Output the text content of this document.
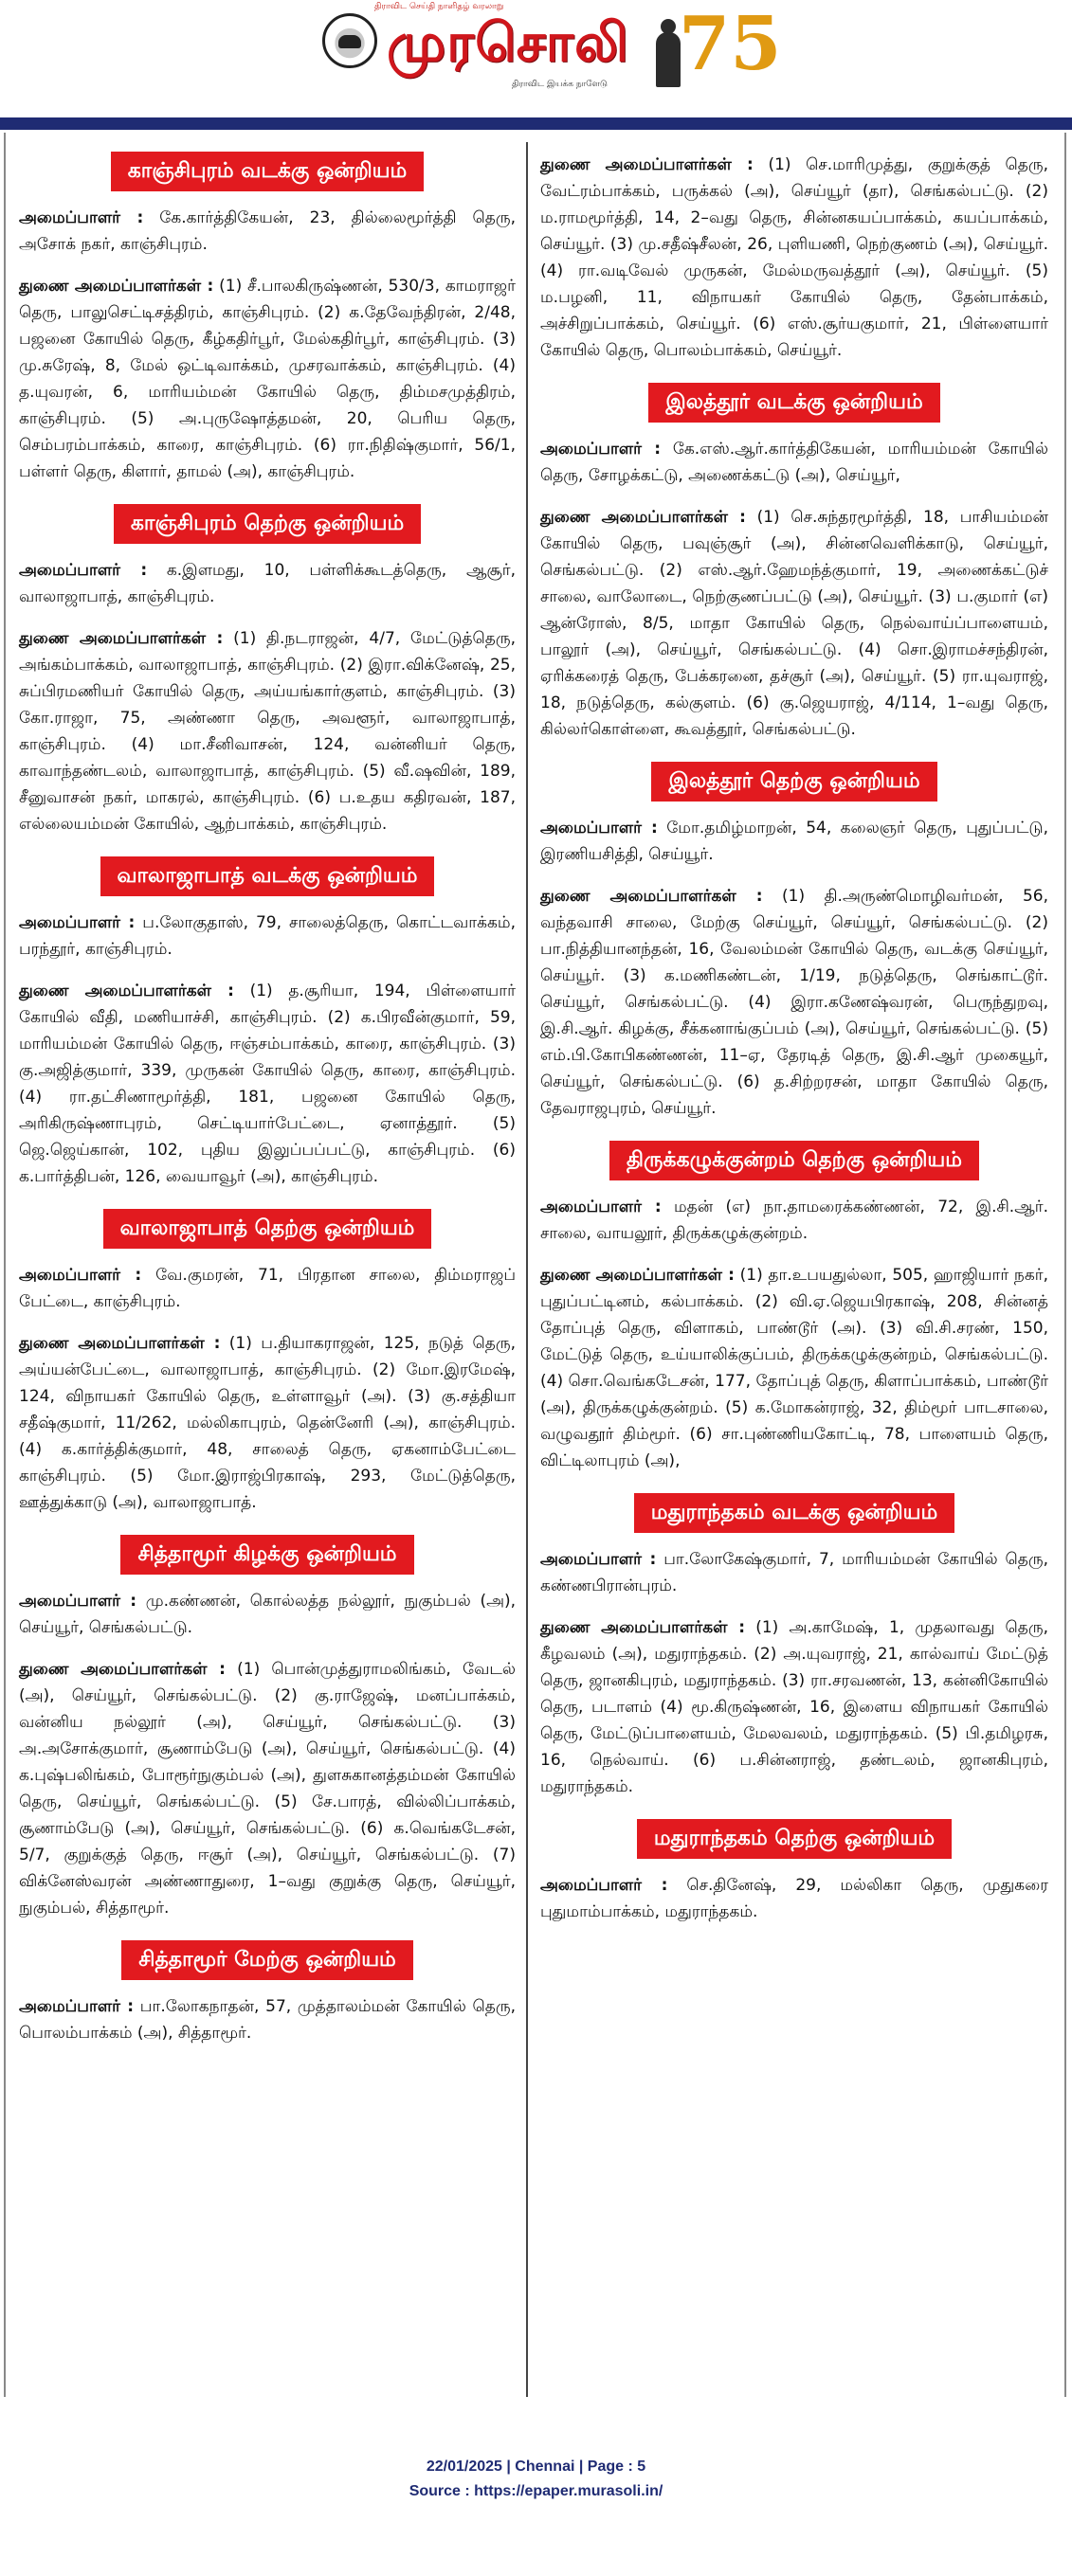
திராவிட செய்தி நாளிதழ் வரலாறு
முரசொலி
திராவிட இயக்க நாளேடு 75
காஞ்சிபுரம் வடக்கு ஒன்றியம்

அமைப்பாளர் : கே.கார்த்திகேயன், 23, தில்லைமூர்த்தி தெரு, அசோக் நகர், காஞ்சிபுரம்.

துணை அமைப்பாளர்கள் : (1) சீ.பாலகிருஷ்ணன், 530/3, காமராஜர் தெரு, பாலுசெட்டிசத்திரம், காஞ்சிபுரம். (2) க.தேவேந்திரன், 2/48, பஜனை கோயில் தெரு, கீழ்கதிர்பூர், மேல்கதிர்பூர், காஞ்சிபுரம். (3) மு.சுரேஷ், 8, மேல் ஒட்டிவாக்கம், முசரவாக்கம், காஞ்சிபுரம். (4) த.யுவரன், 6, மாரியம்மன் கோயில் தெரு, திம்மசமுத்திரம், காஞ்சிபுரம். (5) அ.புருஷோத்தமன், 20, பெரிய தெரு, செம்பரம்பாக்கம், காரை, காஞ்சிபுரம். (6) ரா.நிதிஷ்குமார், 56/1, பள்ளர் தெரு, கிளார், தாமல் (அ), காஞ்சிபுரம்.

காஞ்சிபுரம் தெற்கு ஒன்றியம்

அமைப்பாளர் : க.இளமது, 10, பள்ளிக்கூடத்தெரு, ஆசூர், வாலாஜாபாத், காஞ்சிபுரம்.

துணை அமைப்பாளர்கள் : (1) தி.நடராஜன், 4/7, மேட்டுத்தெரு, அங்கம்பாக்கம், வாலாஜாபாத், காஞ்சிபுரம். (2) இரா.விக்னேஷ், 25, சுப்பிரமணியர் கோயில் தெரு, அய்யங்கார்குளம், காஞ்சிபுரம். (3) கோ.ராஜா, 75, அண்ணா தெரு, அவளூர், வாலாஜாபாத், காஞ்சிபுரம். (4) மா.சீனிவாசன், 124, வன்னியர் தெரு, காவாந்தண்டலம், வாலாஜாபாத், காஞ்சிபுரம். (5) வீ.ஷவின், 189, சீனுவாசன் நகர், மாகரல், காஞ்சிபுரம். (6) ப.உதய கதிரவன், 187, எல்லையம்மன் கோயில், ஆற்பாக்கம், காஞ்சிபுரம்.

வாலாஜாபாத் வடக்கு ஒன்றியம்

அமைப்பாளர் : ப.லோகுதாஸ், 79, சாலைத்தெரு, கொட்டவாக்கம், பரந்தூர், காஞ்சிபுரம்.

துணை அமைப்பாளர்கள் : (1) த.சூரியா, 194, பிள்ளையார் கோயில் வீதி, மணியாச்சி, காஞ்சிபுரம். (2) க.பிரவீன்குமார், 59, மாரியம்மன் கோயில் தெரு, ஈஞ்சம்பாக்கம், காரை, காஞ்சிபுரம். (3) கு.அஜித்குமார், 339, முருகன் கோயில் தெரு, காரை, காஞ்சிபுரம். (4) ரா.தட்சிணாமூர்த்தி, 181, பஜனை கோயில் தெரு, அரிகிருஷ்ணாபுரம், செட்டியார்பேட்டை, ஏனாத்தூர். (5) ஜெ.ஜெய்கான், 102, புதிய இலுப்பப்பட்டு, காஞ்சிபுரம். (6) க.பார்த்திபன், 126, வையாவூர் (அ), காஞ்சிபுரம்.

வாலாஜாபாத் தெற்கு ஒன்றியம்

அமைப்பாளர் : வே.குமரன், 71, பிரதான சாலை, திம்மராஜப் பேட்டை, காஞ்சிபுரம்.

துணை அமைப்பாளர்கள் : (1) ப.தியாகராஜன், 125, நடுத் தெரு, அய்யன்பேட்டை, வாலாஜாபாத், காஞ்சிபுரம். (2) மோ.இரமேஷ், 124, விநாயகர் கோயில் தெரு, உள்ளாவூர் (அ). (3) கு.சத்தியா சதீஷ்குமார், 11/262, மல்லிகாபுரம், தென்னேரி (அ), காஞ்சிபுரம். (4) க.கார்த்திக்குமார், 48, சாலைத் தெரு, ஏகனாம்பேட்டை காஞ்சிபுரம். (5) மோ.இராஜ்பிரகாஷ், 293, மேட்டுத்தெரு, ஊத்துக்காடு (அ), வாலாஜாபாத்.

சித்தாமூர் கிழக்கு ஒன்றியம்

அமைப்பாளர் : மு.கண்ணன், கொல்லத்த நல்லூர், நுகும்பல் (அ), செய்யூர், செங்கல்பட்டு.

துணை அமைப்பாளர்கள் : (1) பொன்முத்துராமலிங்கம், வேடல் (அ), செய்யூர், செங்கல்பட்டு. (2) கு.ராஜேஷ், மனப்பாக்கம், வன்னிய நல்லூர் (அ), செய்யூர், செங்கல்பட்டு. (3) அ.அசோக்குமார், சூணாம்பேடு (அ), செய்யூர், செங்கல்பட்டு. (4) க.புஷ்பலிங்கம், போரூர்நுகும்பல் (அ), துளசுகானத்தம்மன் கோயில் தெரு, செய்யூர், செங்கல்பட்டு. (5) சே.பாரத், வில்லிப்பாக்கம், சூணாம்பேடு (அ), செய்யூர், செங்கல்பட்டு. (6) க.வெங்கடேசன், 5/7, குறுக்குத் தெரு, ஈசூர் (அ), செய்யூர், செங்கல்பட்டு. (7) விக்னேஸ்வரன் அண்ணாதுரை, 1–வது குறுக்கு தெரு, செய்யூர், நுகும்பல், சித்தாமூர்.

சித்தாமூர் மேற்கு ஒன்றியம்

அமைப்பாளர் : பா.லோகநாதன், 57, முத்தாலம்மன் கோயில் தெரு, பொலம்பாக்கம் (அ), சித்தாமூர்.

துணை அமைப்பாளர்கள் : (1) செ.மாரிமுத்து, குறுக்குத் தெரு, வேட்ரம்பாக்கம், பருக்கல் (அ), செய்யூர் (தா), செங்கல்பட்டு. (2) ம.ராமமூர்த்தி, 14, 2–வது தெரு, சின்னகயப்பாக்கம், கயப்பாக்கம், செய்யூர். (3) மு.சதீஷ்சீலன், 26, புளியணி, நெற்குணம் (அ), செய்யூர். (4) ரா.வடிவேல் முருகன், மேல்மருவத்தூர் (அ), செய்யூர். (5) ம.பழனி, 11, விநாயகர் கோயில் தெரு, தேன்பாக்கம், அச்சிறுப்பாக்கம், செய்யூர். (6) எஸ்.சூர்யகுமார், 21, பிள்ளையார் கோயில் தெரு, பொலம்பாக்கம், செய்யூர்.

இலத்தூர் வடக்கு ஒன்றியம்

அமைப்பாளர் : கே.எஸ்.ஆர்.கார்த்திகேயன், மாரியம்மன் கோயில் தெரு, சோழக்கட்டு, அணைக்கட்டு (அ), செய்யூர்,

துணை அமைப்பாளர்கள் : (1) செ.சுந்தரமூர்த்தி, 18, பாசியம்மன் கோயில் தெரு, பவுஞ்சூர் (அ), சின்னவெளிக்காடு, செய்யூர், செங்கல்பட்டு. (2) எஸ்.ஆர்.ஹேமந்த்குமார், 19, அணைக்கட்டுச் சாலை, வாலோடை, நெற்குணப்பட்டு (அ), செய்யூர். (3) ப.குமார் (எ) ஆன்ரோஸ், 8/5, மாதா கோயில் தெரு, நெல்வாய்ப்பாளையம், பாலூர் (அ), செய்யூர், செங்கல்பட்டு. (4) சொ.இராமச்சந்திரன், ஏரிக்கரைத் தெரு, பேக்கரனை, தச்சூர் (அ), செய்யூர். (5) ரா.யுவராஜ், 18, நடுத்தெரு, கல்குளம். (6) கு.ஜெயராஜ், 4/114, 1–வது தெரு, கில்லர்கொள்ளை, கூவத்தூர், செங்கல்பட்டு.

இலத்தூர் தெற்கு ஒன்றியம்

அமைப்பாளர் : மோ.தமிழ்மாறன், 54, கலைஞர் தெரு, புதுப்பட்டு, இரணியசித்தி, செய்யூர்.

துணை அமைப்பாளர்கள் : (1) தி.அருண்மொழிவர்மன், 56, வந்தவாசி சாலை, மேற்கு செய்யூர், செய்யூர், செங்கல்பட்டு. (2) பா.நித்தியானந்தன், 16, வேலம்மன் கோயில் தெரு, வடக்கு செய்யூர், செய்யூர். (3) க.மணிகண்டன், 1/19, நடுத்தெரு, செங்காட்டூர். செய்யூர், செங்கல்பட்டு. (4) இரா.கணேஷ்வரன், பெருந்துறவு, இ.சி.ஆர். கிழக்கு, சீக்கனாங்குப்பம் (அ), செய்யூர், செங்கல்பட்டு. (5) எம்.பி.கோபிகண்ணன், 11–ஏ, தேரடித் தெரு, இ.சி.ஆர் முகையூர், செய்யூர், செங்கல்பட்டு. (6) த.சிற்றரசன், மாதா கோயில் தெரு, தேவராஜபுரம், செய்யூர்.

திருக்கழுக்குன்றம் தெற்கு ஒன்றியம்

அமைப்பாளர் : மதன் (எ) நா.தாமரைக்கண்ணன், 72, இ.சி.ஆர். சாலை, வாயலூர், திருக்கழுக்குன்றம்.

துணை அமைப்பாளர்கள் : (1) தா.உபயதுல்லா, 505, ஹாஜியார் நகர், புதுப்பட்டினம், கல்பாக்கம். (2) வி.ஏ.ஜெயபிரகாஷ், 208, சின்னத் தோப்புத் தெரு, விளாகம், பாண்டூர் (அ). (3) வி.சி.சரண், 150, மேட்டுத் தெரு, உய்யாலிக்குப்பம், திருக்கழுக்குன்றம், செங்கல்பட்டு. (4) சொ.வெங்கடேசன், 177, தோப்புத் தெரு, கிளாப்பாக்கம், பாண்டூர் (அ), திருக்கழுக்குன்றம். (5) க.மோகன்ராஜ், 32, திம்மூர் பாடசாலை, வழுவதூர் திம்மூர். (6) சா.புண்ணியகோட்டி, 78, பாளையம் தெரு, விட்டிலாபுரம் (அ),

மதுராந்தகம் வடக்கு ஒன்றியம்

அமைப்பாளர் : பா.லோகேஷ்குமார், 7, மாரியம்மன் கோயில் தெரு, கண்ணபிரான்புரம்.

துணை அமைப்பாளர்கள் : (1) அ.காமேஷ், 1, முதலாவது தெரு, கீழவலம் (அ), மதுராந்தகம். (2) அ.யுவராஜ், 21, கால்வாய் மேட்டுத் தெரு, ஜானகிபுரம், மதுராந்தகம். (3) ரா.சரவணன், 13, கன்னிகோயில் தெரு, படாளம் (4) மூ.கிருஷ்ணன், 16, இளைய விநாயகர் கோயில் தெரு, மேட்டுப்பாளையம், மேலவலம், மதுராந்தகம். (5) பி.தமிழரசு, 16, நெல்வாய். (6) ப.சின்னராஜ், தண்டலம், ஜானகிபுரம், மதுராந்தகம்.

மதுராந்தகம் தெற்கு ஒன்றியம்

அமைப்பாளர் : செ.தினேஷ், 29, மல்லிகா தெரு, முதுகரை புதுமாம்பாக்கம், மதுராந்தகம்.

22/01/2025 | Chennai | Page : 5
Source : https://epaper.murasoli.in/
